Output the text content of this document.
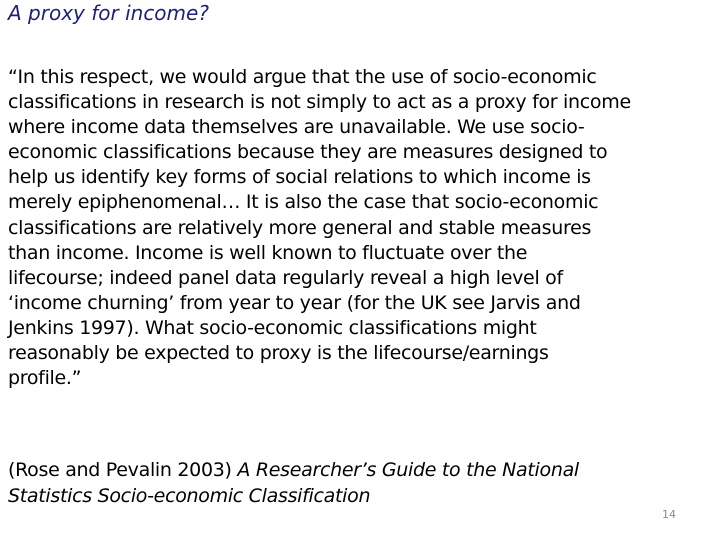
A proxy for income?
“In this respect, we would argue that the use of socio-economic
classifications in research is not simply to act as a proxy for income
where income data themselves are unavailable. We use socio-
economic classifications because they are measures designed to
help us identify key forms of social relations to which income is
merely epiphenomenal… It is also the case that socio-economic
classifications are relatively more general and stable measures
than income. Income is well known to fluctuate over the
lifecourse; indeed panel data regularly reveal a high level of
‘income churning’ from year to year (for the UK see Jarvis and
Jenkins 1997). What socio-economic classifications might
reasonably be expected to proxy is the lifecourse/earnings
profile.”
(Rose and Pevalin 2003) A Researcher’s Guide to the National
Statistics Socio-economic Classification
14
